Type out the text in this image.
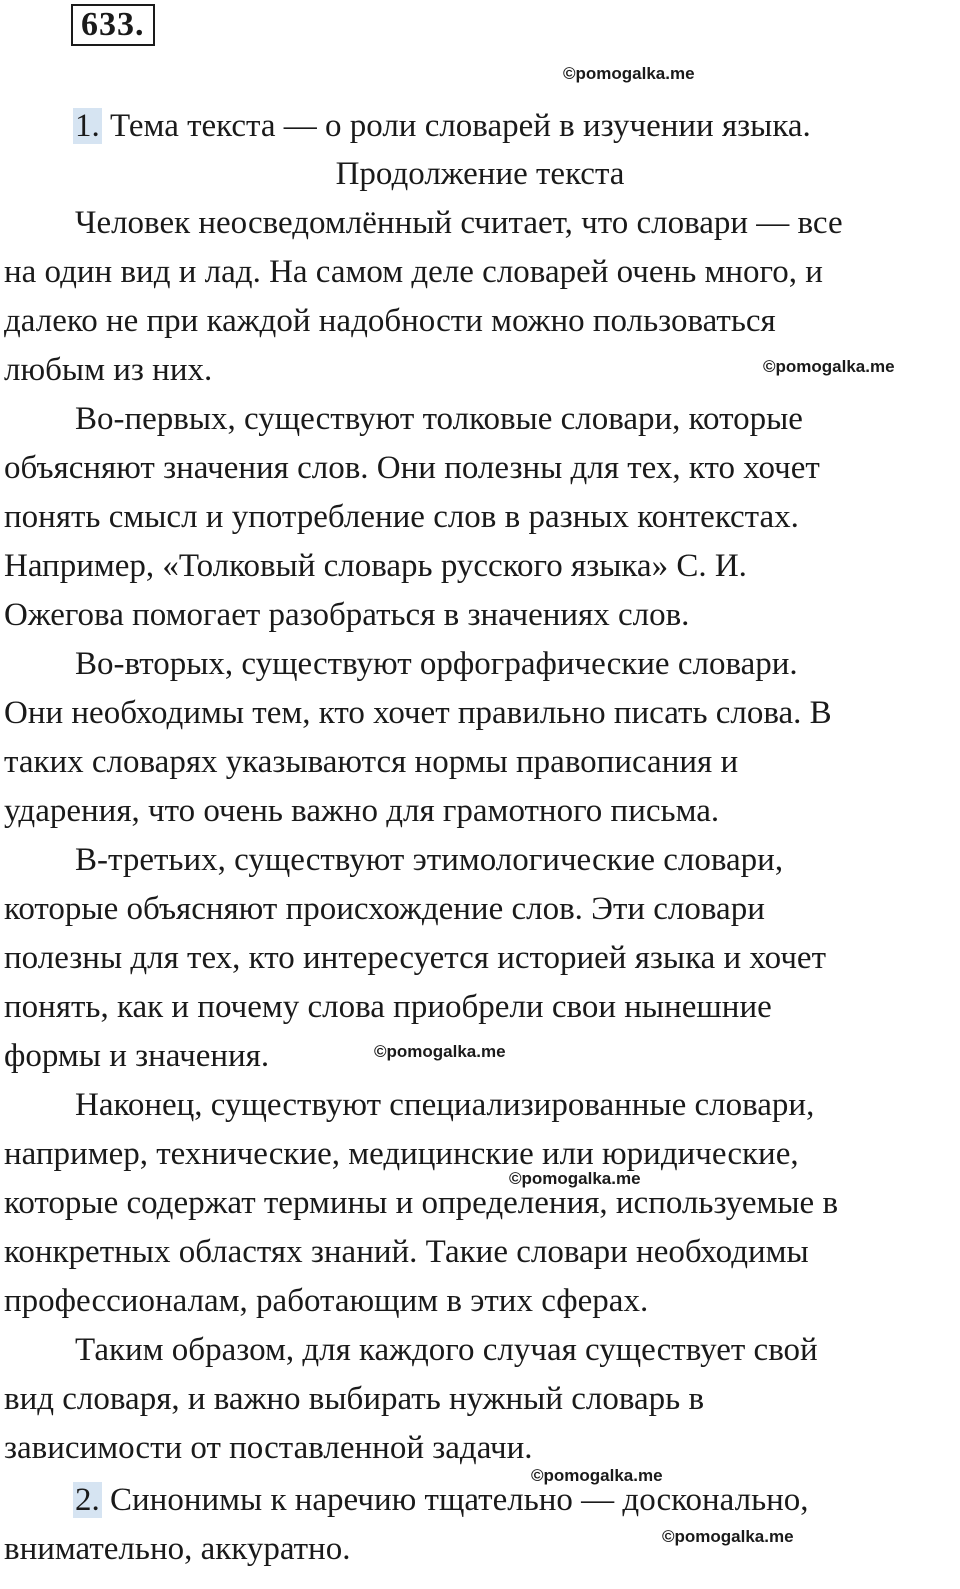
633.
©pomogalka.me
1. Тема текста — о роли словарей в изучении языка.
Продолжение текста
Человек неосведомлённый считает, что словари — все
на один вид и лад. На самом деле словарей очень много, и
далеко не при каждой надобности можно пользоваться
любым из них.	©pomogalka.me
Во-первых, существуют толковые словари, которые
объясняют значения слов. Они полезны для тех, кто хочет
понять смысл и употребление слов в разных контекстах.
Например, «Толковый словарь русского языка» С. И.
Ожегова помогает разобраться в значениях слов.
Во-вторых, существуют орфографические словари.
Они необходимы тем, кто хочет правильно писать слова. В
таких словарях указываются нормы правописания и
ударения, что очень важно для грамотного письма.
В-третьих, существуют этимологические словари,
которые объясняют происхождение слов. Эти словари
полезны для тех, кто интересуется историей языка и хочет
понять, как и почему слова приобрели свои нынешние
формы и значения.	©pomogalka.me
Наконец, существуют специализированные словари,
например, технические, медицинские или юридические,
©pomogalka.me
которые содержат термины и определения, используемые в
конкретных областях знаний. Такие словари необходимы
профессионалам, работающим в этих сферах.
Таким образом, для каждого случая существует свой
вид словаря, и важно выбирать нужный словарь в
зависимости от поставленной задачи.
©pomogalka.me
2. Синонимы к наречию тщательно — досконально,
внимательно, аккуратно.	©pomogalka.me
